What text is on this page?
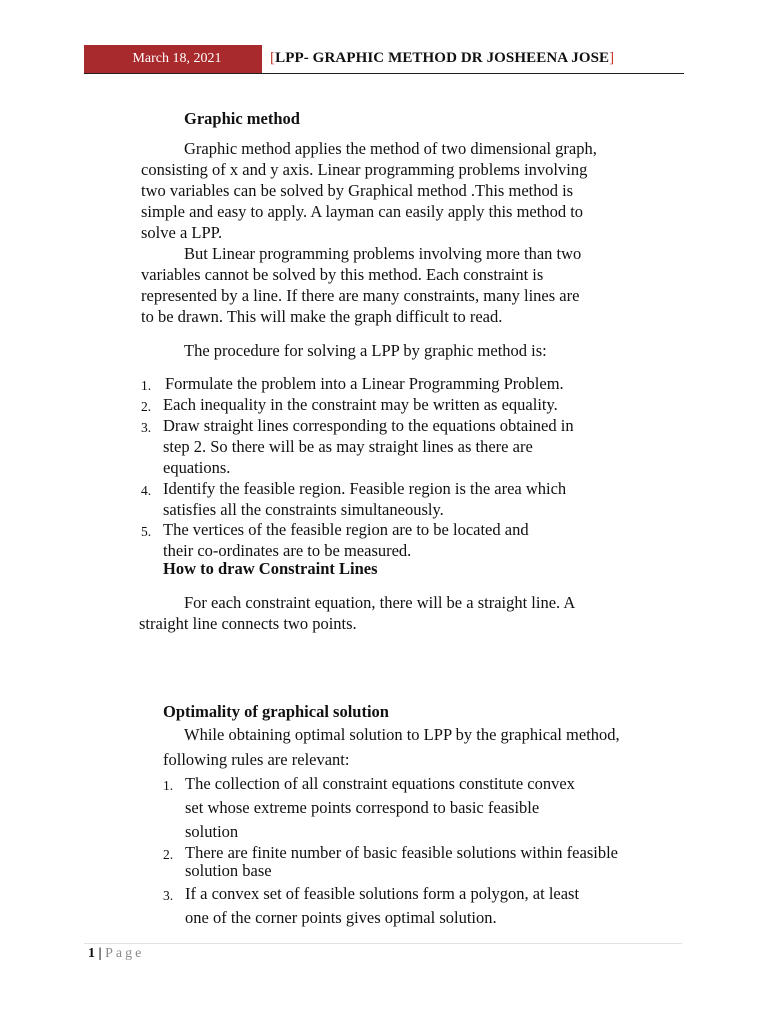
March 18, 2021	[LPP- GRAPHIC METHOD DR JOSHEENA JOSE]
Graphic method
Graphic method applies the method of two dimensional graph,
consisting of x and y axis. Linear programming problems involving
two variables can be solved by Graphical method .This method is
simple and easy to apply. A layman can easily apply this method to
solve a LPP.
But Linear programming problems involving more than two
variables cannot be solved by this method. Each constraint is
represented by a line. If there are many constraints, many lines are
to be drawn. This will make the graph difficult to read.
The procedure for solving a LPP by graphic method is:
1. Formulate the problem into a Linear Programming Problem.
2. Each inequality in the constraint may be written as equality.
3. Draw straight lines corresponding to the equations obtained in
step 2. So there will be as may straight lines as there are
equations.
4. Identify the feasible region. Feasible region is the area which
satisfies all the constraints simultaneously.
5. The vertices of the feasible region are to be located and
their co-ordinates are to be measured.
How to draw Constraint Lines
For each constraint equation, there will be a straight line. A
straight line connects two points.
Optimality of graphical solution
While obtaining optimal solution to LPP by the graphical method,
following rules are relevant:
1. The collection of all constraint equations constitute convex
set whose extreme points correspond to basic feasible
solution
2. There are finite number of basic feasible solutions within feasible
solution base
3. If a convex set of feasible solutions form a polygon, at least
one of the corner points gives optimal solution.
1 | Page
